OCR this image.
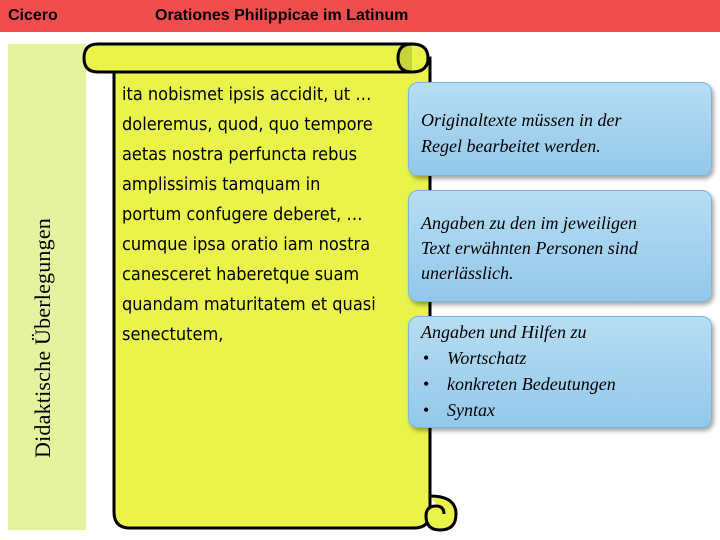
Cicero	Orationes Philippicae im Latinum
Didaktische Überlegungen
ita nobismet ipsis accidit, ut …
doleremus, quod, quo tempore
aetas nostra perfuncta rebus
amplissimis tamquam in
portum confugere deberet, …
cumque ipsa oratio iam nostra
canesceret haberetque suam
quandam maturitatem et quasi
senectutem,
Originaltexte müssen in der
Regel bearbeitet werden.
Angaben zu den im jeweiligen
Text erwähnten Personen sind
unerlässlich.
Angaben und Hilfen zu
• Wortschatz
• konkreten Bedeutungen
• Syntax
